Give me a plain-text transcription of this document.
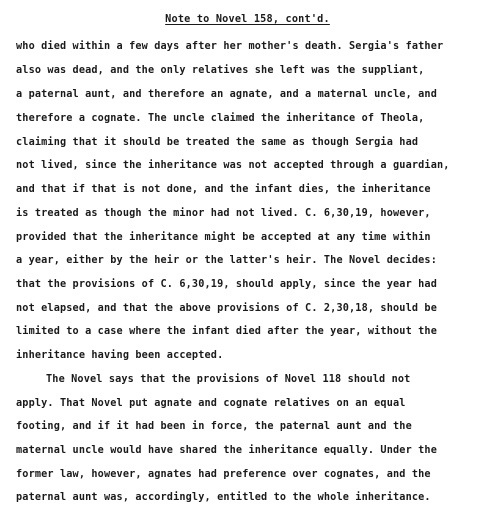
Note to Novel 158, cont'd.
who died within a few days after her mother's death. Sergia's father
also was dead, and the only relatives she left was the suppliant,
a paternal aunt, and therefore an agnate, and a maternal uncle, and
therefore a cognate. The uncle claimed the inheritance of Theola,
claiming that it should be treated the same as though Sergia had
not lived, since the inheritance was not accepted through a guardian,
and that if that is not done, and the infant dies, the inheritance
is treated as though the minor had not lived. C. 6,30,19, however,
provided that the inheritance might be accepted at any time within
a year, either by the heir or the latter's heir. The Novel decides:
that the provisions of C. 6,30,19, should apply, since the year had
not elapsed, and that the above provisions of C. 2,30,18, should be
limited to a case where the infant died after the year, without the
inheritance having been accepted.
The Novel says that the provisions of Novel 118 should not
apply. That Novel put agnate and cognate relatives on an equal
footing, and if it had been in force, the paternal aunt and the
maternal uncle would have shared the inheritance equally. Under the
former law, however, agnates had preference over cognates, and the
paternal aunt was, accordingly, entitled to the whole inheritance.
